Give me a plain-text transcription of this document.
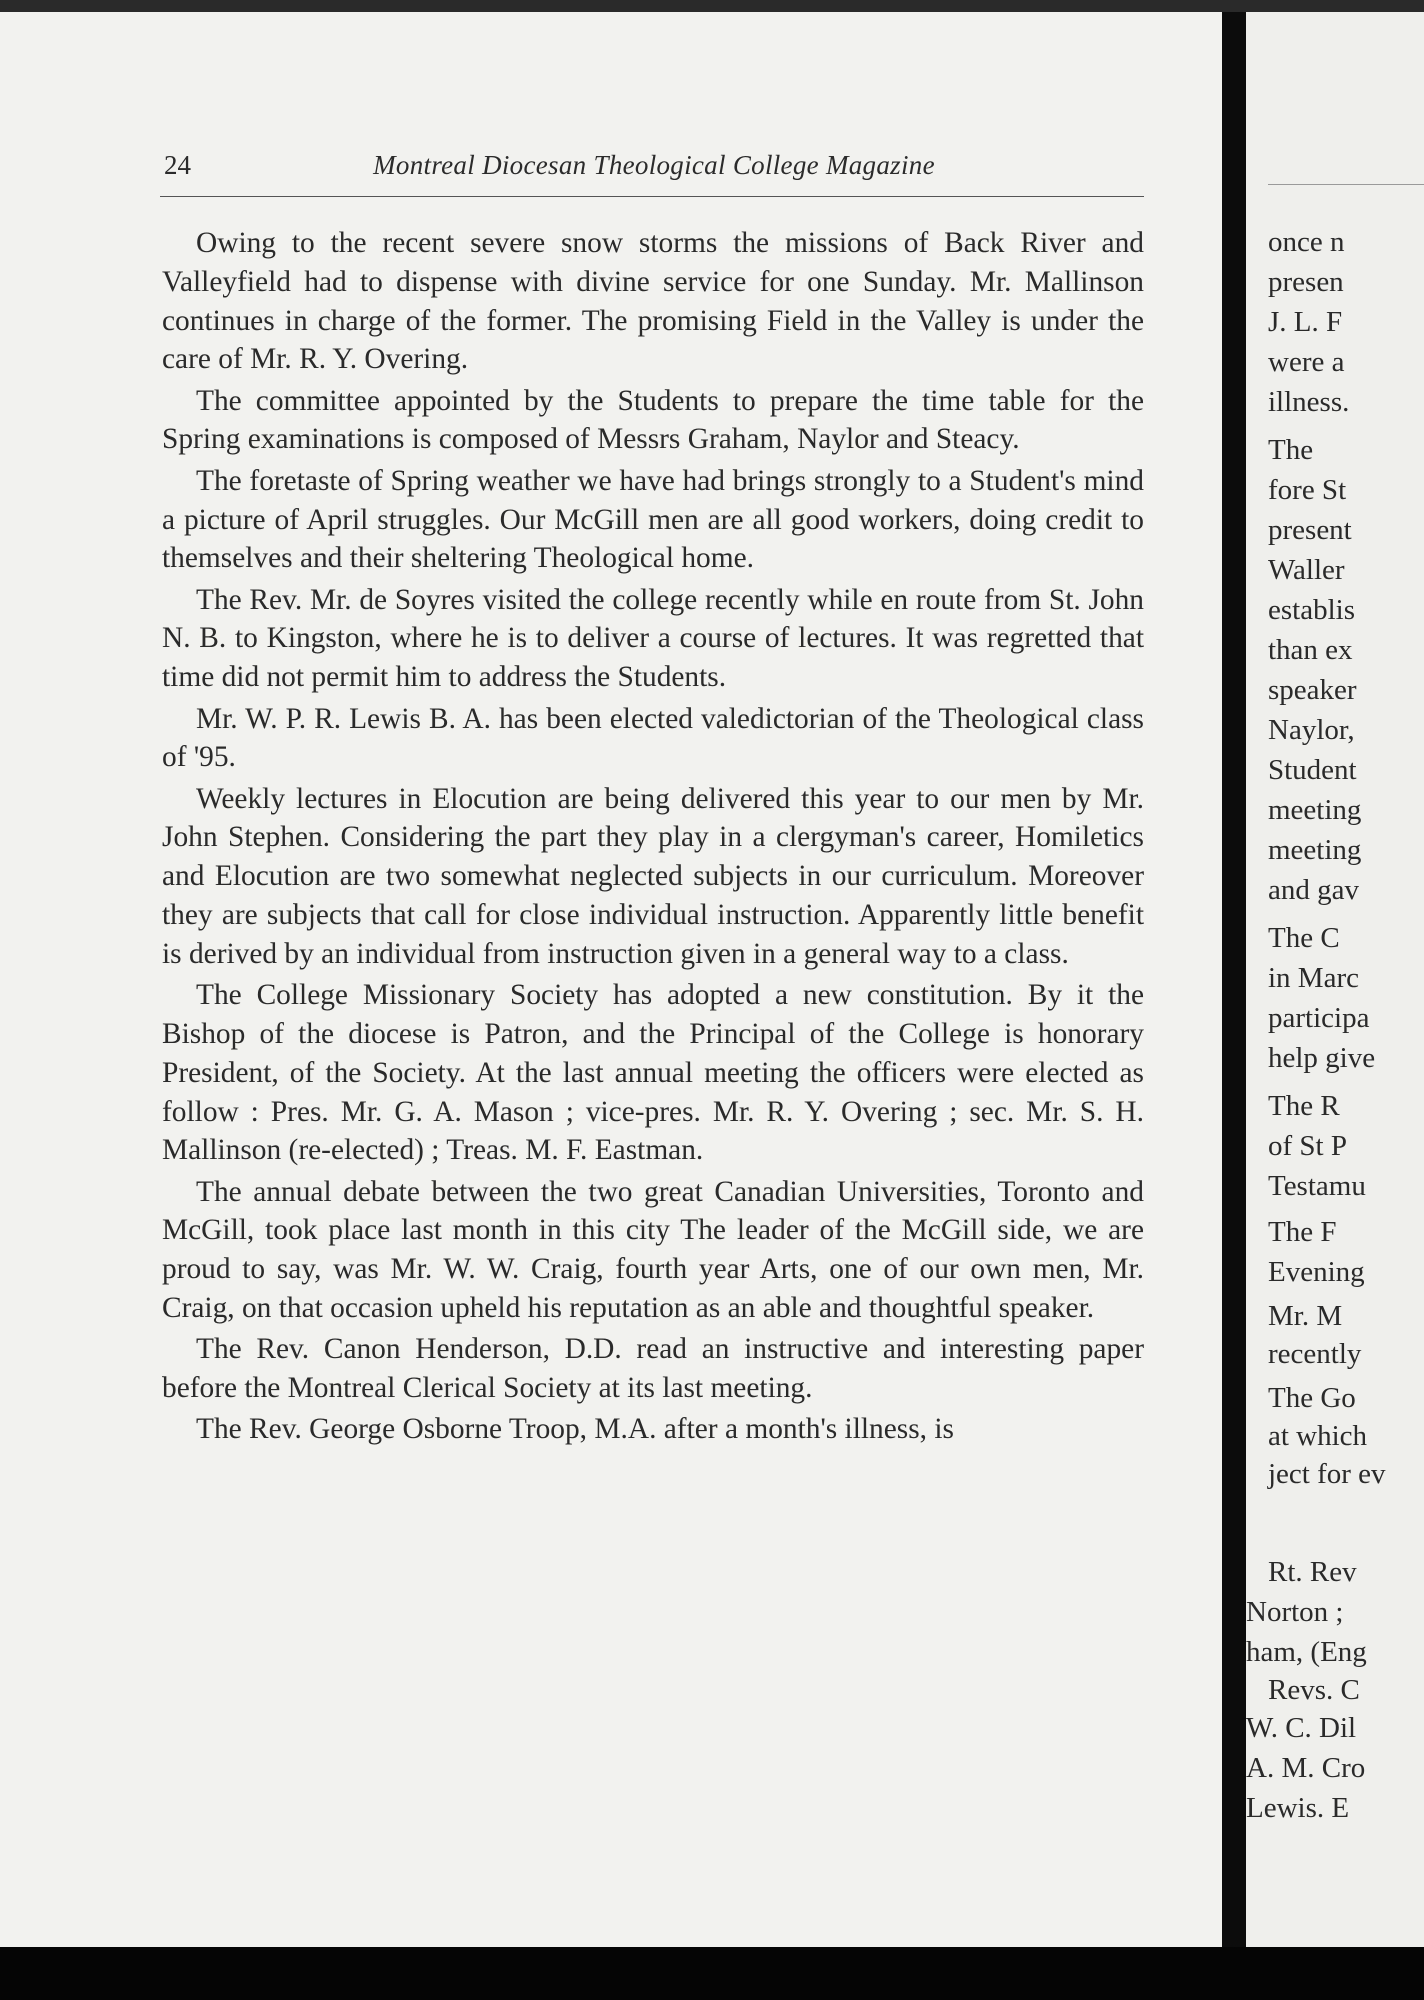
24	Montreal Diocesan Theological College Magazine

Owing to the recent severe snow storms the missions of Back River and Valleyfield had to dispense with divine service for one Sunday. Mr. Mallinson continues in charge of the former. The promising Field in the Valley is under the care of Mr. R. Y. Overing.

The committee appointed by the Students to prepare the time table for the Spring examinations is composed of Messrs Graham, Naylor and Steacy.

The foretaste of Spring weather we have had brings strongly to a Student's mind a picture of April struggles. Our McGill men are all good workers, doing credit to themselves and their sheltering Theological home.

The Rev. Mr. de Soyres visited the college recently while en route from St. John N. B. to Kingston, where he is to deliver a course of lectures. It was regretted that time did not permit him to address the Students.

Mr. W. P. R. Lewis B. A. has been elected valedictorian of the Theological class of '95.

Weekly lectures in Elocution are being delivered this year to our men by Mr. John Stephen. Considering the part they play in a clergyman's career, Homiletics and Elocution are two somewhat neglected subjects in our curriculum. Moreover they are subjects that call for close individual instruction. Apparently little benefit is derived by an individual from instruction given in a general way to a class.

The College Missionary Society has adopted a new constitution. By it the Bishop of the diocese is Patron, and the Principal of the College is honorary President, of the Society. At the last annual meeting the officers were elected as follow : Pres. Mr. G. A. Mason ; vice-pres. Mr. R. Y. Overing ; sec. Mr. S. H. Mallinson (re-elected) ; Treas. M. F. Eastman.

The annual debate between the two great Canadian Universities, Toronto and McGill, took place last month in this city The leader of the McGill side, we are proud to say, was Mr. W. W. Craig, fourth year Arts, one of our own men, Mr. Craig, on that occasion upheld his reputation as an able and thoughtful speaker.

The Rev. Canon Henderson, D.D. read an instructive and interesting paper before the Montreal Clerical Society at its last meeting.

The Rev. George Osborne Troop, M.A. after a month's illness, is

once n
presen
J. L. F
were a
illness.
The
fore St
present
Waller
establis
than ex
speaker
Naylor,
Student
meeting
meeting
and gav
The C
in Marc
participa
help give
The R
of St P
Testamu
The F
Evening
Mr. M
recently
The Go
at which
ject for ev
Rt. Rev
Norton ;
ham, (Eng
Revs. C
W. C. Dil
A. M. Cro
Lewis. E
